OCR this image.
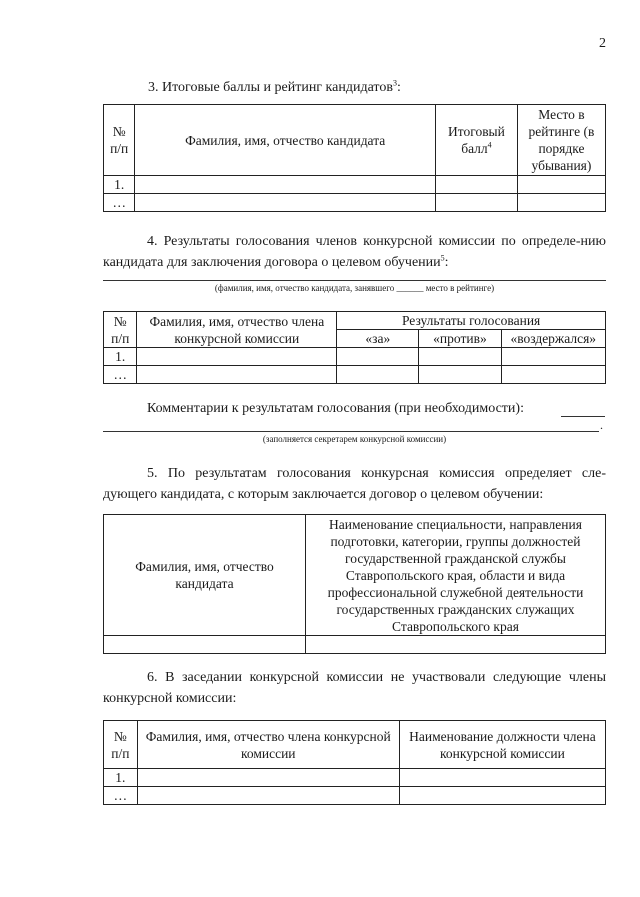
2
3. Итоговые баллы и рейтинг кандидатов$^3$:
№ п/п	Фамилия, имя, отчество кандидата	Итоговый балл$^4$	Место в рейтинге (в порядке убывания)
1.			
…			
4. Результаты голосования членов конкурсной комиссии по определе-нию кандидата для заключения договора о целевом обучении$^5$:
(фамилия, имя, отчество кандидата, занявшего ______ место в рейтинге)
№ п/п	Фамилия, имя, отчество члена конкурсной комиссии	Результаты голосования		
		«за»	«против»	«воздержался»
1.				
…				
Комментарии к результатам голосования (при необходимости):
.
(заполняется секретарем конкурсной комиссии)
5. По результатам голосования конкурсная комиссия определяет сле-дующего кандидата, с которым заключается договор о целевом обучении:
Фамилия, имя, отчество кандидата	Наименование специальности, направления подготовки, категории, группы должностей государственной гражданской службы Ставропольского края, области и вида профессиональной служебной деятельности государственных гражданских служащих Ставропольского края

6. В заседании конкурсной комиссии не участвовали следующие члены конкурсной комиссии:
№ п/п	Фамилия, имя, отчество члена конкурсной комиссии	Наименование должности члена конкурсной комиссии
1.		
…		
